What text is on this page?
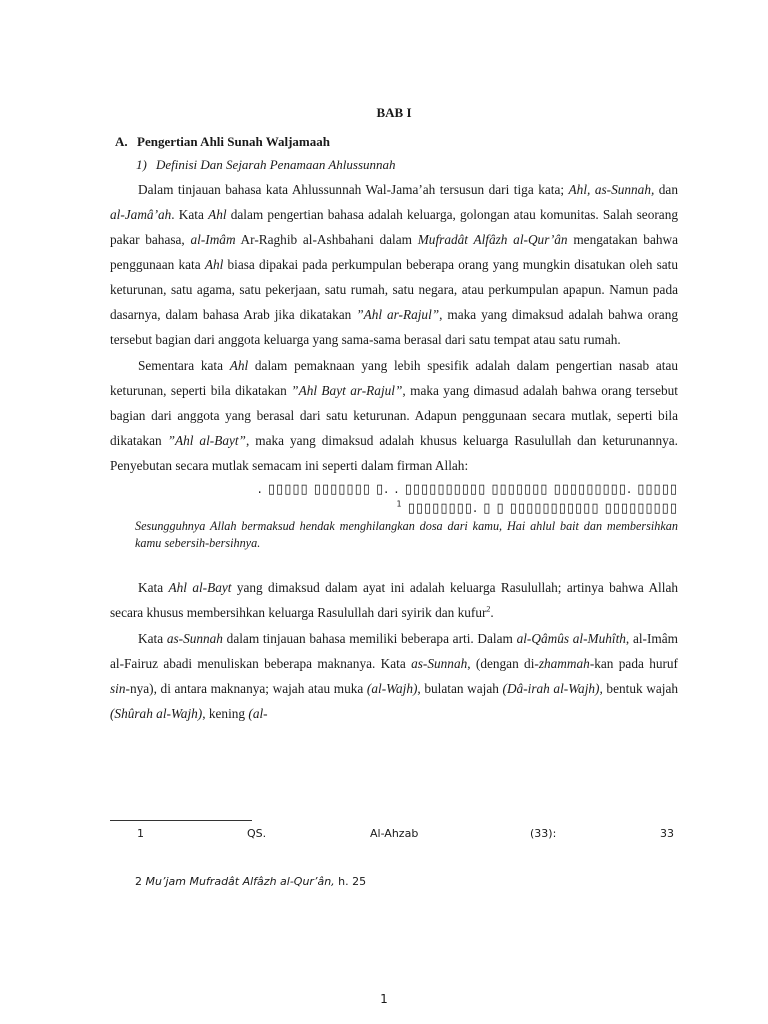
BAB I
A. Pengertian Ahli Sunah Waljamaah
1) Definisi Dan Sejarah Penamaan Ahlussunnah

Dalam tinjauan bahasa kata Ahlussunnah Wal-Jama’ah tersusun dari tiga kata; Ahl, as-Sunnah, dan al-Jamâ’ah. Kata Ahl dalam pengertian bahasa adalah keluarga, golongan atau komunitas. Salah seorang pakar bahasa, al-Imâm Ar-Raghib al-Ashbahani dalam Mufradât Alfâzh al-Qur’ân mengatakan bahwa penggunaan kata Ahl biasa dipakai pada perkumpulan beberapa orang yang mungkin disatukan oleh satu keturunan, satu agama, satu pekerjaan, satu rumah, satu negara, atau perkumpulan apapun. Namun pada dasarnya, dalam bahasa Arab jika dikatakan ”Ahl ar-Rajul”, maka yang dimaksud adalah bahwa orang tersebut bagian dari anggota keluarga yang sama-sama berasal dari satu tempat atau satu rumah.

Sementara kata Ahl dalam pemaknaan yang lebih spesifik adalah dalam pengertian nasab atau keturunan, seperti bila dikatakan ”Ahl Bayt ar-Rajul”, maka yang dimasud adalah bahwa orang tersebut bagian dari anggota yang berasal dari satu keturunan. Adapun penggunaan secara mutlak, seperti bila dikatakan ”Ahl al-Bayt”, maka yang dimaksud adalah khusus keluarga Rasulullah dan keturunannya. Penyebutan secara mutlak semacam ini seperti dalam firman Allah:

. ▯▯▯▯▯ ▯▯▯▯▯▯▯ ▯. . ▯▯▯▯▯▯▯▯▯▯ ▯▯▯▯▯▯▯ ▯▯▯▯▯▯▯▯▯. ▯▯▯▯▯
$^1$ ▯▯▯▯▯▯▯▯. ▯ ▯ ▯▯▯▯▯▯▯▯▯▯▯ ▯▯▯▯▯▯▯▯▯
Sesungguhnya Allah bermaksud hendak menghilangkan dosa dari kamu, Hai ahlul bait dan membersihkan kamu sebersih-bersihnya.

Kata Ahl al-Bayt yang dimaksud dalam ayat ini adalah keluarga Rasulullah; artinya bahwa Allah secara khusus membersihkan keluarga Rasulullah dari syirik dan kufur$^2$.

Kata as-Sunnah dalam tinjauan bahasa memiliki beberapa arti. Dalam al-Qâmûs al-Muhîth, al-Imâm al-Fairuz abadi menuliskan beberapa maknanya. Kata as-Sunnah, (dengan di-zhammah-kan pada huruf sin-nya), di antara maknanya; wajah atau muka (al-Wajh), bulatan wajah (Dâ-irah al-Wajh), bentuk wajah (Shûrah al-Wajh), kening (al-

1	QS.	Al-Ahzab	(33):	33
2 Mu’jam Mufradât Alfâzh al-Qur’ân, h. 25
1
